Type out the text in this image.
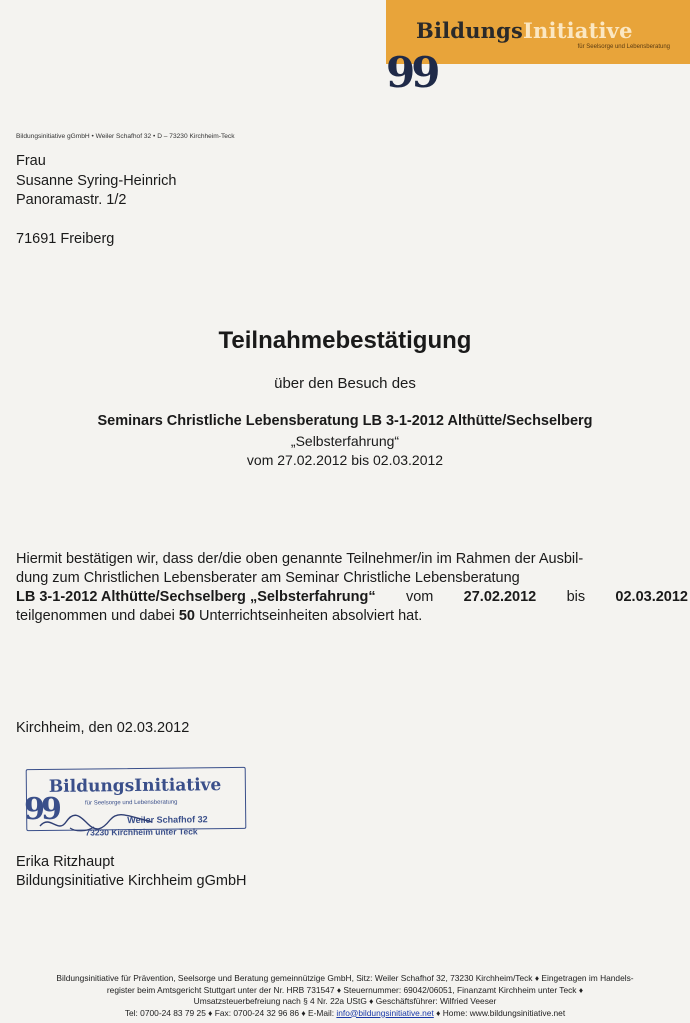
BildungsInitiative
für Seelsorge und Lebensberatung
99
Bildungsinitiative gGmbH • Weiler Schafhof 32 • D – 73230 Kirchheim-Teck
Frau
Susanne Syring-Heinrich
Panoramastr. 1/2
71691 Freiberg
Teilnahmebestätigung
über den Besuch des
Seminars Christliche Lebensberatung LB 3-1-2012 Althütte/Sechselberg
„Selbsterfahrung“
vom 27.02.2012 bis 02.03.2012
Hiermit bestätigen wir, dass der/die oben genannte Teilnehmer/in im Rahmen der Ausbil-
dung zum Christlichen Lebensberater am Seminar Christliche Lebensberatung
LB 3-1-2012 Althütte/Sechselberg „Selbsterfahrung“ vom 27.02.2012 bis 02.03.2012
teilgenommen und dabei 50 Unterrichtseinheiten absolviert hat.
Kirchheim, den 02.03.2012
BildungsInitiative
für Seelsorge und Lebensberatung
99	Weiler Schafhof 32
73230 Kirchheim unter Teck
Erika Ritzhaupt
Bildungsinitiative Kirchheim gGmbH
Bildungsinitiative für Prävention, Seelsorge und Beratung gemeinnützige GmbH, Sitz: Weiler Schafhof 32, 73230 Kirchheim/Teck ♦ Eingetragen im Handels-
register beim Amtsgericht Stuttgart unter der Nr. HRB 731547 ♦ Steuernummer: 69042/06051, Finanzamt Kirchheim unter Teck ♦
Umsatzsteuerbefreiung nach § 4 Nr. 22a UStG ♦ Geschäftsführer: Wilfried Veeser
Tel: 0700-24 83 79 25 ♦ Fax: 0700-24 32 96 86 ♦ E-Mail: info@bildungsinitiative.net ♦ Home: www.bildungsinitiative.net
